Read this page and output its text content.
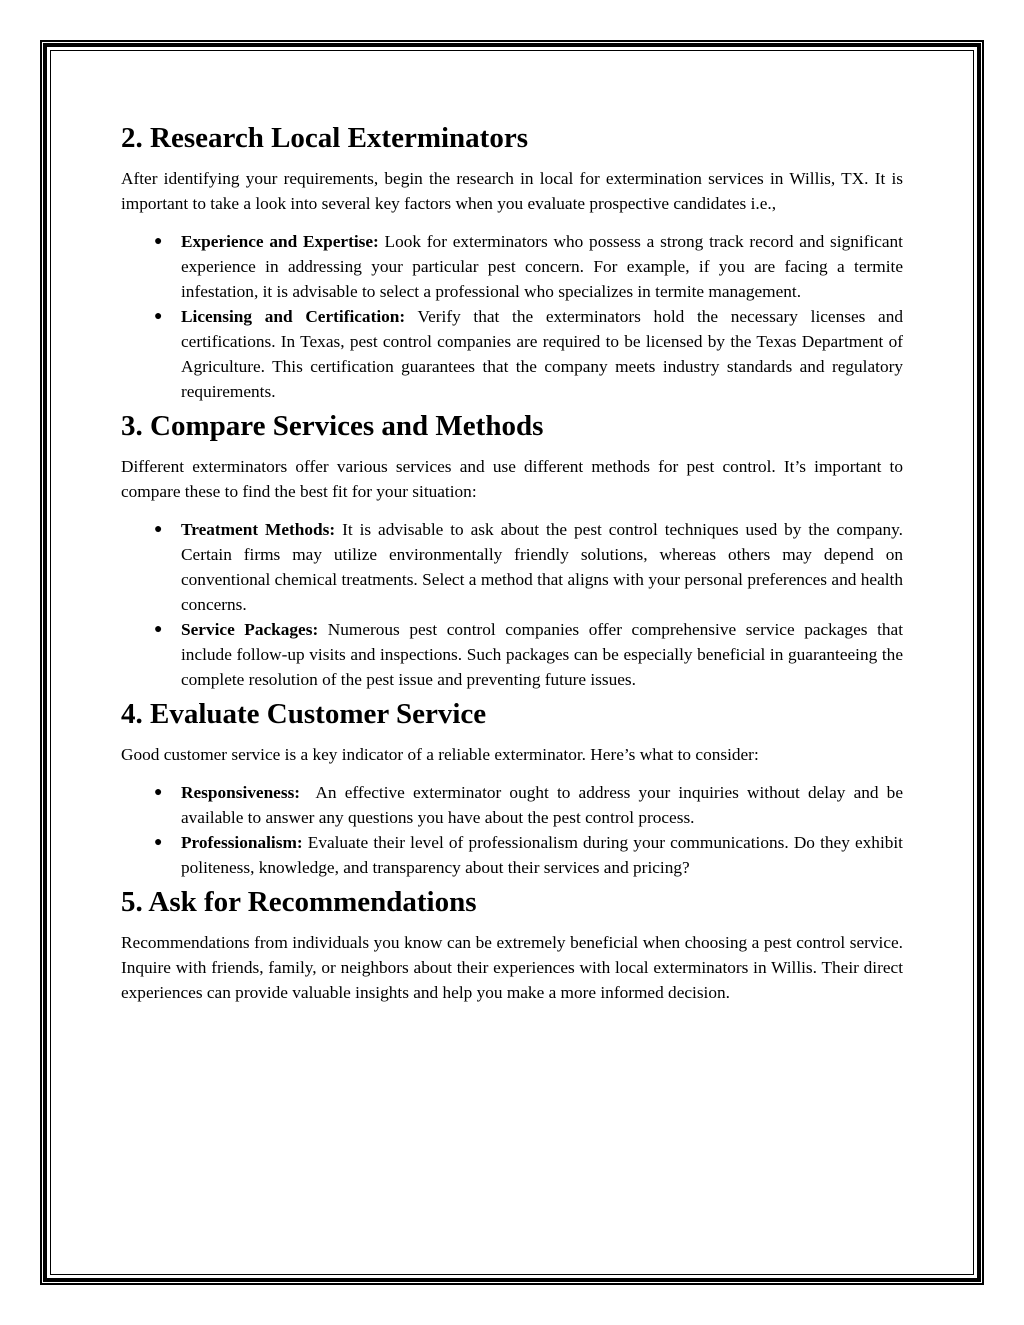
2. Research Local Exterminators

After identifying your requirements, begin the research in local for extermination services in Willis, TX. It is important to take a look into several key factors when you evaluate prospective candidates i.e.,

● Experience and Expertise: Look for exterminators who possess a strong track record and significant experience in addressing your particular pest concern. For example, if you are facing a termite infestation, it is advisable to select a professional who specializes in termite management.
● Licensing and Certification: Verify that the exterminators hold the necessary licenses and certifications. In Texas, pest control companies are required to be licensed by the Texas Department of Agriculture. This certification guarantees that the company meets industry standards and regulatory requirements.
3. Compare Services and Methods

Different exterminators offer various services and use different methods for pest control. It’s important to compare these to find the best fit for your situation:

● Treatment Methods: It is advisable to ask about the pest control techniques used by the company. Certain firms may utilize environmentally friendly solutions, whereas others may depend on conventional chemical treatments. Select a method that aligns with your personal preferences and health concerns.
● Service Packages: Numerous pest control companies offer comprehensive service packages that include follow-up visits and inspections. Such packages can be especially beneficial in guaranteeing the complete resolution of the pest issue and preventing future issues.
4. Evaluate Customer Service

Good customer service is a key indicator of a reliable exterminator. Here’s what to consider:

● Responsiveness:  An effective exterminator ought to address your inquiries without delay and be available to answer any questions you have about the pest control process.
● Professionalism: Evaluate their level of professionalism during your communications. Do they exhibit politeness, knowledge, and transparency about their services and pricing?
5. Ask for Recommendations

Recommendations from individuals you know can be extremely beneficial when choosing a pest control service. Inquire with friends, family, or neighbors about their experiences with local exterminators in Willis. Their direct experiences can provide valuable insights and help you make a more informed decision.
